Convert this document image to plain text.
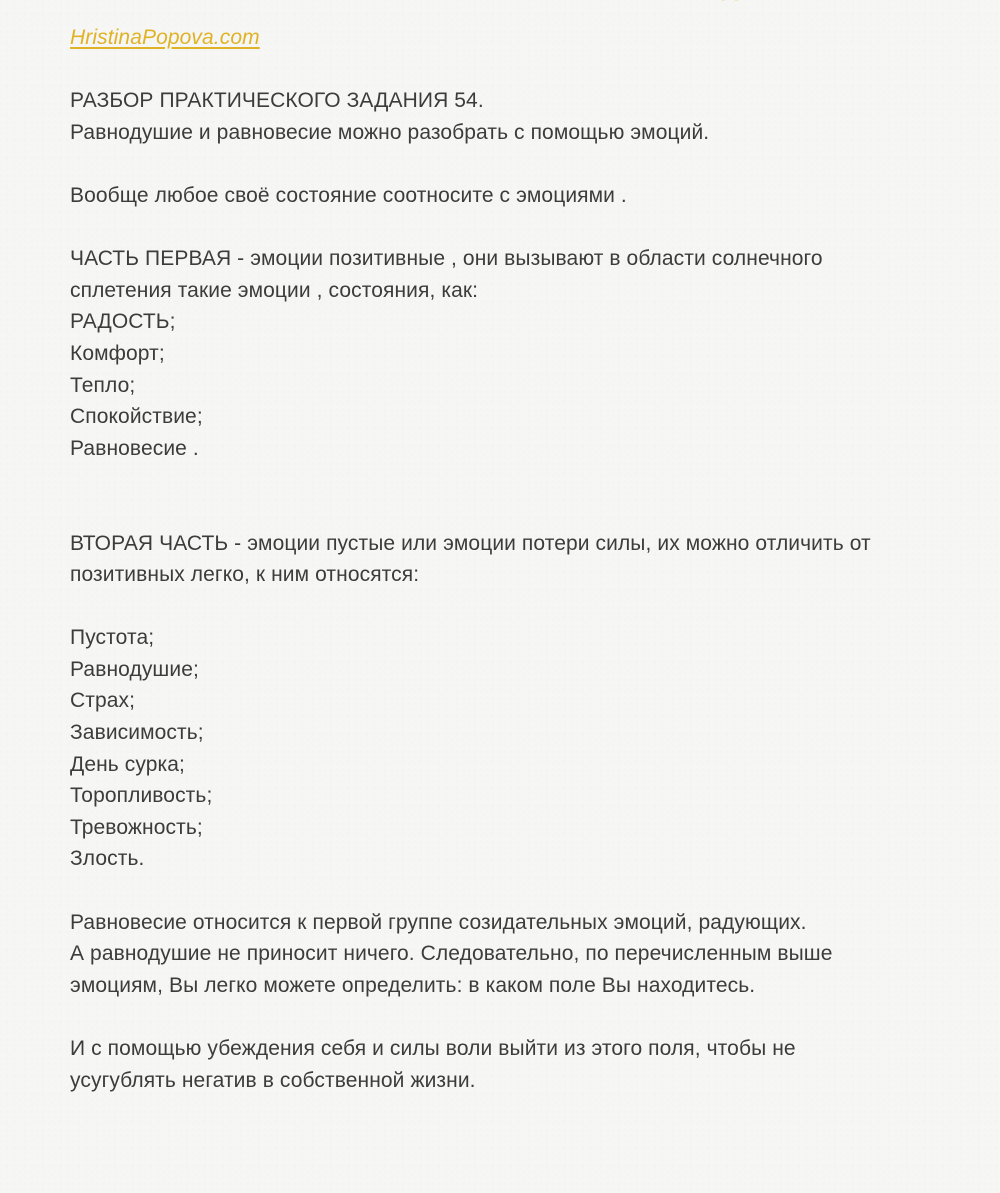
HristinaPopova.com

РАЗБОР ПРАКТИЧЕСКОГО ЗАДАНИЯ 54.

Равнодушие и равновесие можно разобрать с помощью эмоций.

Вообще любое своё состояние соотносите с эмоциями .

ЧАСТЬ ПЕРВАЯ - эмоции позитивные , они вызывают в области солнечного

сплетения такие эмоции , состояния, как:

РАДОСТЬ;

Комфорт;

Тепло;

Спокойствие;

Равновесие .

ВТОРАЯ ЧАСТЬ - эмоции пустые или эмоции потери силы, их можно отличить от

позитивных легко, к ним относятся:

Пустота;

Равнодушие;

Страх;

Зависимость;

День сурка;

Торопливость;

Тревожность;

Злость.

Равновесие относится к первой группе созидательных эмоций, радующих.

А равнодушие не приносит ничего. Следовательно, по перечисленным выше

эмоциям, Вы легко можете определить: в каком поле Вы находитесь.

И с помощью убеждения себя и силы воли выйти из этого поля, чтобы не

усугублять негатив в собственной жизни.
